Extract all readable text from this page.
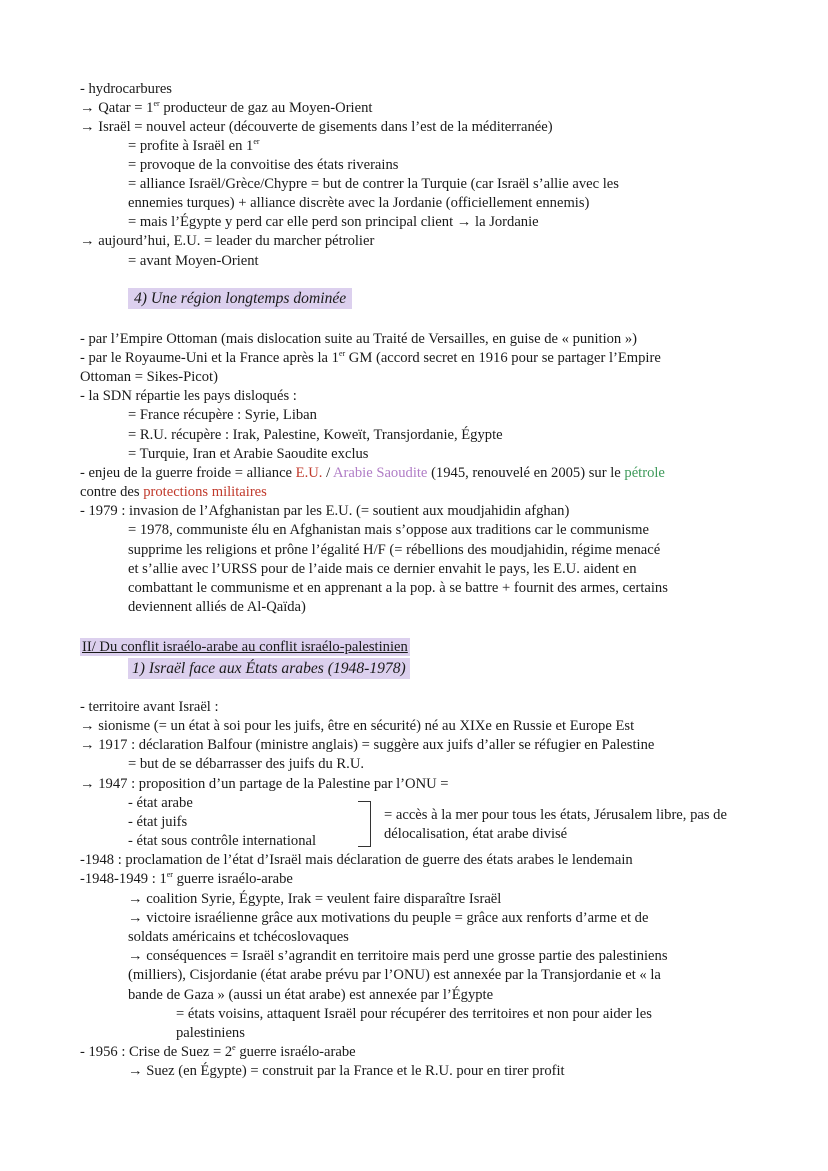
- hydrocarbures
→ Qatar = 1er producteur de gaz au Moyen-Orient
→ Israël = nouvel acteur (découverte de gisements dans l’est de la méditerranée)
= profite à Israël en 1er
= provoque de la convoitise des états riverains
= alliance Israël/Grèce/Chypre = but de contrer la Turquie (car Israël s’allie avec les
ennemies turques) + alliance discrète avec la Jordanie (officiellement ennemis)
= mais l’Égypte y perd car elle perd son principal client → la Jordanie
→ aujourd’hui, E.U. = leader du marcher pétrolier
= avant Moyen-Orient
4) Une région longtemps dominée
- par l’Empire Ottoman (mais dislocation suite au Traité de Versailles, en guise de « punition »)
- par le Royaume-Uni et la France après la 1er GM (accord secret en 1916 pour se partager l’Empire
Ottoman = Sikes-Picot)
- la SDN répartie les pays disloqués :
= France récupère : Syrie, Liban
= R.U. récupère : Irak, Palestine, Koweït, Transjordanie, Égypte
= Turquie, Iran et Arabie Saoudite exclus
- enjeu de la guerre froide = alliance E.U. / Arabie Saoudite (1945, renouvelé en 2005) sur le pétrole
contre des protections militaires
- 1979 : invasion de l’Afghanistan par les E.U. (= soutient aux moudjahidin afghan)
= 1978, communiste élu en Afghanistan mais s’oppose aux traditions car le communisme
supprime les religions et prône l’égalité H/F (= rébellions des moudjahidin, régime menacé
et s’allie avec l’URSS pour de l’aide mais ce dernier envahit le pays, les E.U. aident en
combattant le communisme et en apprenant a la pop. à se battre + fournit des armes, certains
deviennent alliés de Al-Qaïda)
II/ Du conflit israélo-arabe au conflit israélo-palestinien
1) Israël face aux États arabes (1948-1978)
- territoire avant Israël :
→ sionisme (= un état à soi pour les juifs, être en sécurité) né au XIXe en Russie et Europe Est
→ 1917 : déclaration Balfour (ministre anglais) = suggère aux juifs d’aller se réfugier en Palestine
= but de se débarrasser des juifs du R.U.
→ 1947 : proposition d’un partage de la Palestine par l’ONU =
- état arabe
- état juifs
- état sous contrôle international
= accès à la mer pour tous les états, Jérusalem libre, pas de
délocalisation, état arabe divisé
-1948 : proclamation de l’état d’Israël mais déclaration de guerre des états arabes le lendemain
-1948-1949 : 1er guerre israélo-arabe
→ coalition Syrie, Égypte, Irak = veulent faire disparaître Israël
→ victoire israélienne grâce aux motivations du peuple = grâce aux renforts d’arme et de
soldats américains et tchécoslovaques
→ conséquences = Israël s’agrandit en territoire mais perd une grosse partie des palestiniens
(milliers), Cisjordanie (état arabe prévu par l’ONU) est annexée par la Transjordanie et « la
bande de Gaza » (aussi un état arabe) est annexée par l’Égypte
= états voisins, attaquent Israël pour récupérer des territoires et non pour aider les
palestiniens
- 1956 : Crise de Suez = $2^e$ guerre israélo-arabe
→ Suez (en Égypte) = construit par la France et le R.U. pour en tirer profit
